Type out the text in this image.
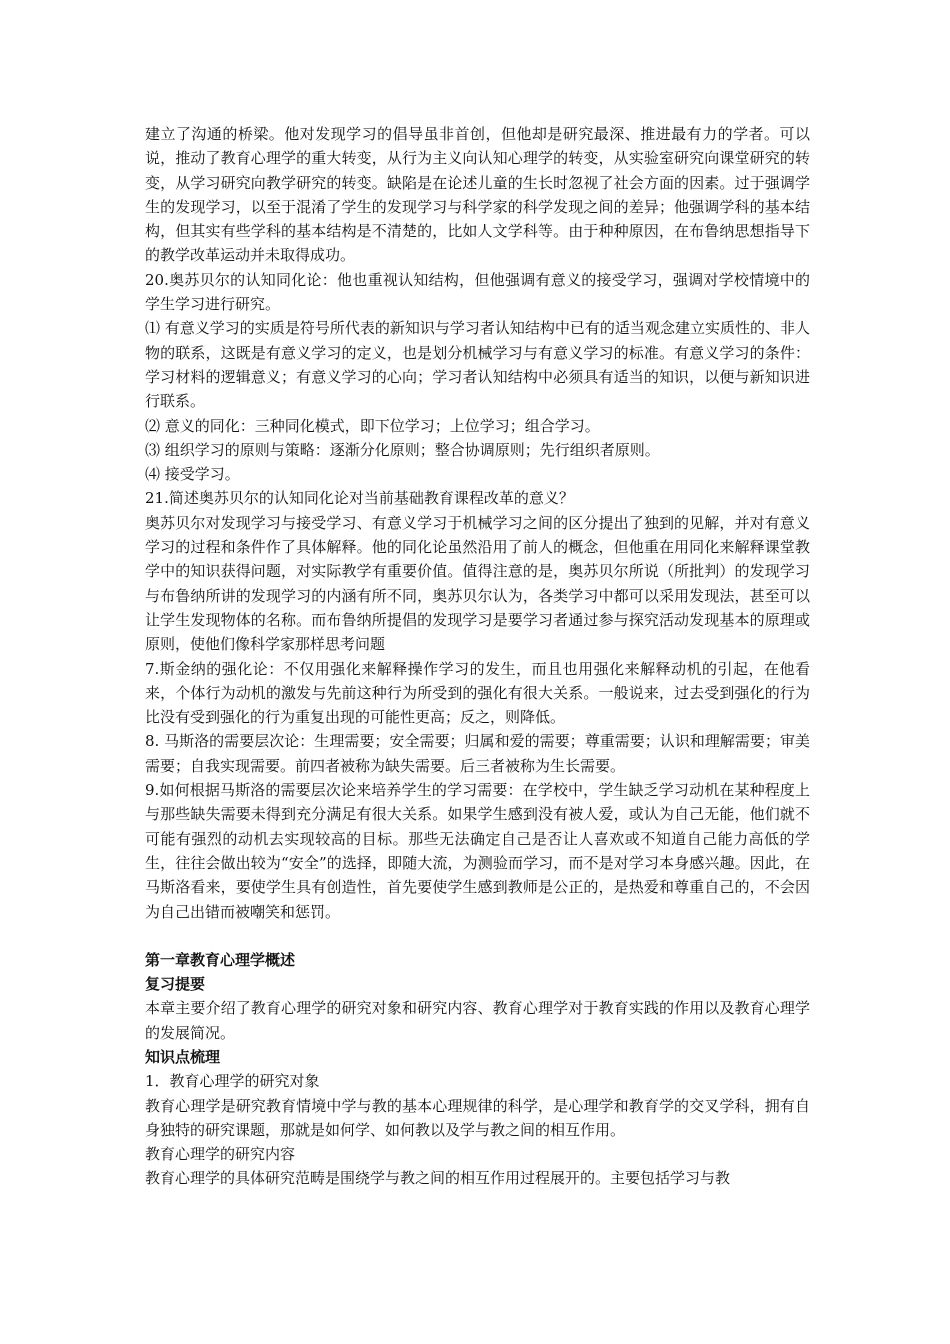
建立了沟通的桥梁。他对发现学习的倡导虽非首创，但他却是研究最深、推进最有力的学者。可以说，推动了教育心理学的重大转变，从行为主义向认知心理学的转变，从实验室研究向课堂研究的转变，从学习研究向教学研究的转变。缺陷是在论述儿童的生长时忽视了社会方面的因素。过于强调学生的发现学习，以至于混淆了学生的发现学习与科学家的科学发现之间的差异；他强调学科的基本结构，但其实有些学科的基本结构是不清楚的，比如人文学科等。由于种种原因，在布鲁纳思想指导下的教学改革运动并未取得成功。

20.奥苏贝尔的认知同化论：他也重视认知结构，但他强调有意义的接受学习，强调对学校情境中的学生学习进行研究。

⑴ 有意义学习的实质是符号所代表的新知识与学习者认知结构中已有的适当观念建立实质性的、非人物的联系，这既是有意义学习的定义，也是划分机械学习与有意义学习的标准。有意义学习的条件：学习材料的逻辑意义；有意义学习的心向；学习者认知结构中必须具有适当的知识，以便与新知识进行联系。

⑵ 意义的同化：三种同化模式，即下位学习；上位学习；组合学习。

⑶ 组织学习的原则与策略：逐渐分化原则；整合协调原则；先行组织者原则。

⑷ 接受学习。

21.简述奥苏贝尔的认知同化论对当前基础教育课程改革的意义？

奥苏贝尔对发现学习与接受学习、有意义学习于机械学习之间的区分提出了独到的见解，并对有意义学习的过程和条件作了具体解释。他的同化论虽然沿用了前人的概念，但他重在用同化来解释课堂教学中的知识获得问题，对实际教学有重要价值。值得注意的是，奥苏贝尔所说（所批判）的发现学习与布鲁纳所讲的发现学习的内涵有所不同，奥苏贝尔认为，各类学习中都可以采用发现法，甚至可以让学生发现物体的名称。而布鲁纳所提倡的发现学习是要学习者通过参与探究活动发现基本的原理或原则，使他们像科学家那样思考问题

7.斯金纳的强化论：不仅用强化来解释操作学习的发生，而且也用强化来解释动机的引起，在他看来，个体行为动机的激发与先前这种行为所受到的强化有很大关系。一般说来，过去受到强化的行为比没有受到强化的行为重复出现的可能性更高；反之，则降低。

8. 马斯洛的需要层次论：生理需要；安全需要；归属和爱的需要；尊重需要；认识和理解需要；审美需要；自我实现需要。前四者被称为缺失需要。后三者被称为生长需要。

9.如何根据马斯洛的需要层次论来培养学生的学习需要：在学校中，学生缺乏学习动机在某种程度上与那些缺失需要未得到充分满足有很大关系。如果学生感到没有被人爱，或认为自己无能，他们就不可能有强烈的动机去实现较高的目标。那些无法确定自己是否让人喜欢或不知道自己能力高低的学生，往往会做出较为“安全”的选择，即随大流，为测验而学习，而不是对学习本身感兴趣。因此，在马斯洛看来，要使学生具有创造性，首先要使学生感到教师是公正的，是热爱和尊重自己的，不会因为自己出错而被嘲笑和惩罚。

第一章教育心理学概述

复习提要

本章主要介绍了教育心理学的研究对象和研究内容、教育心理学对于教育实践的作用以及教育心理学的发展简况。

知识点梳理

1．教育心理学的研究对象

教育心理学是研究教育情境中学与教的基本心理规律的科学，是心理学和教育学的交叉学科，拥有自身独特的研究课题，那就是如何学、如何教以及学与教之间的相互作用。

教育心理学的研究内容

教育心理学的具体研究范畴是围绕学与教之间的相互作用过程展开的。主要包括学习与教
